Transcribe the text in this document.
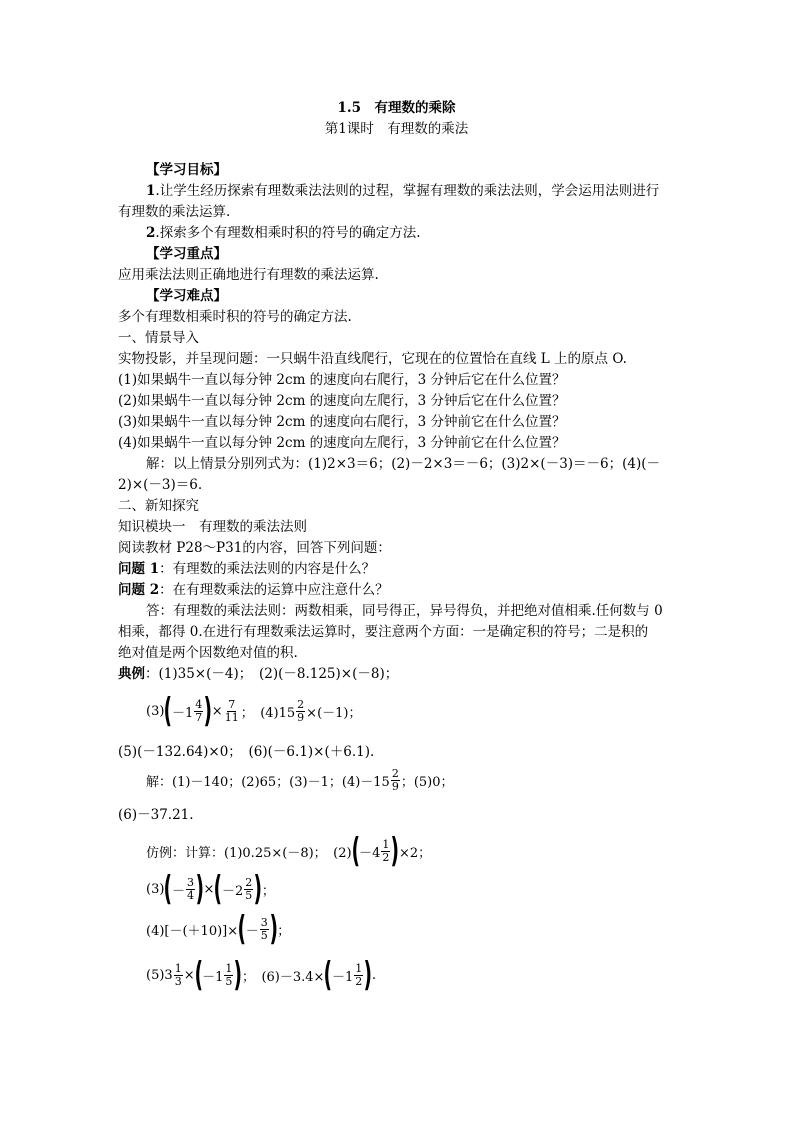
1.5　有理数的乘除
第1课时　有理数的乘法
【学习目标】
1.让学生经历探索有理数乘法法则的过程，掌握有理数的乘法法则，学会运用法则进行
有理数的乘法运算.
2.探索多个有理数相乘时积的符号的确定方法.
【学习重点】
应用乘法法则正确地进行有理数的乘法运算.
【学习难点】
多个有理数相乘时积的符号的确定方法.
一、情景导入
实物投影，并呈现问题：一只蜗牛沿直线爬行，它现在的位置恰在直线 L 上的原点 O.
(1)如果蜗牛一直以每分钟 2cm 的速度向右爬行，3 分钟后它在什么位置？
(2)如果蜗牛一直以每分钟 2cm 的速度向左爬行，3 分钟后它在什么位置？
(3)如果蜗牛一直以每分钟 2cm 的速度向右爬行，3 分钟前它在什么位置？
(4)如果蜗牛一直以每分钟 2cm 的速度向左爬行，3 分钟前它在什么位置？
解：以上情景分别列式为：(1)2×3＝6；(2)－2×3＝－6；(3)2×(－3)＝－6；(4)(－
2)×(－3)＝6.
二、新知探究
知识模块一　有理数的乘法法则
阅读教材 P28～P31的内容，回答下列问题：
问题 1：有理数的乘法法则的内容是什么？
问题 2：在有理数乘法的运算中应注意什么？
答：有理数的乘法法则：两数相乘，同号得正，异号得负，并把绝对值相乘.任何数与 0
相乘，都得 0.在进行有理数乘法运算时，要注意两个方面：一是确定积的符号；二是积的
绝对值是两个因数绝对值的积.
典例：(1)35×(－4)；　(2)(－8.125)×(－8)；
(3) ( $-1 \frac{4}{7}$ ) × $\frac{7}{11}$ ；　$(4)15 \frac{2}{9} \times(-1)$；
(5)(－132.64)×0；　(6)(－6.1)×(＋6.1).
解：(1)－140；(2)65；(3)－1；$(4)-15 \frac{2}{9}$ ；(5)0；
(6)－37.21.
仿例：计算：(1)0.25×(－8)；　(2) ( $-4 \frac{1}{2}$ ) ×2；
(3) ( － $\frac{3}{4}$ ) × ( $-2 \frac{2}{5}$ ) ；
(4)[－(＋10)]× ( － $\frac{3}{5}$ ) ；
$(5)3 \frac{1}{3}$ × ( $-1 \frac{1}{5}$ ) ；　(6)－3.4× ( $-1 \frac{1}{2}$ ) .
